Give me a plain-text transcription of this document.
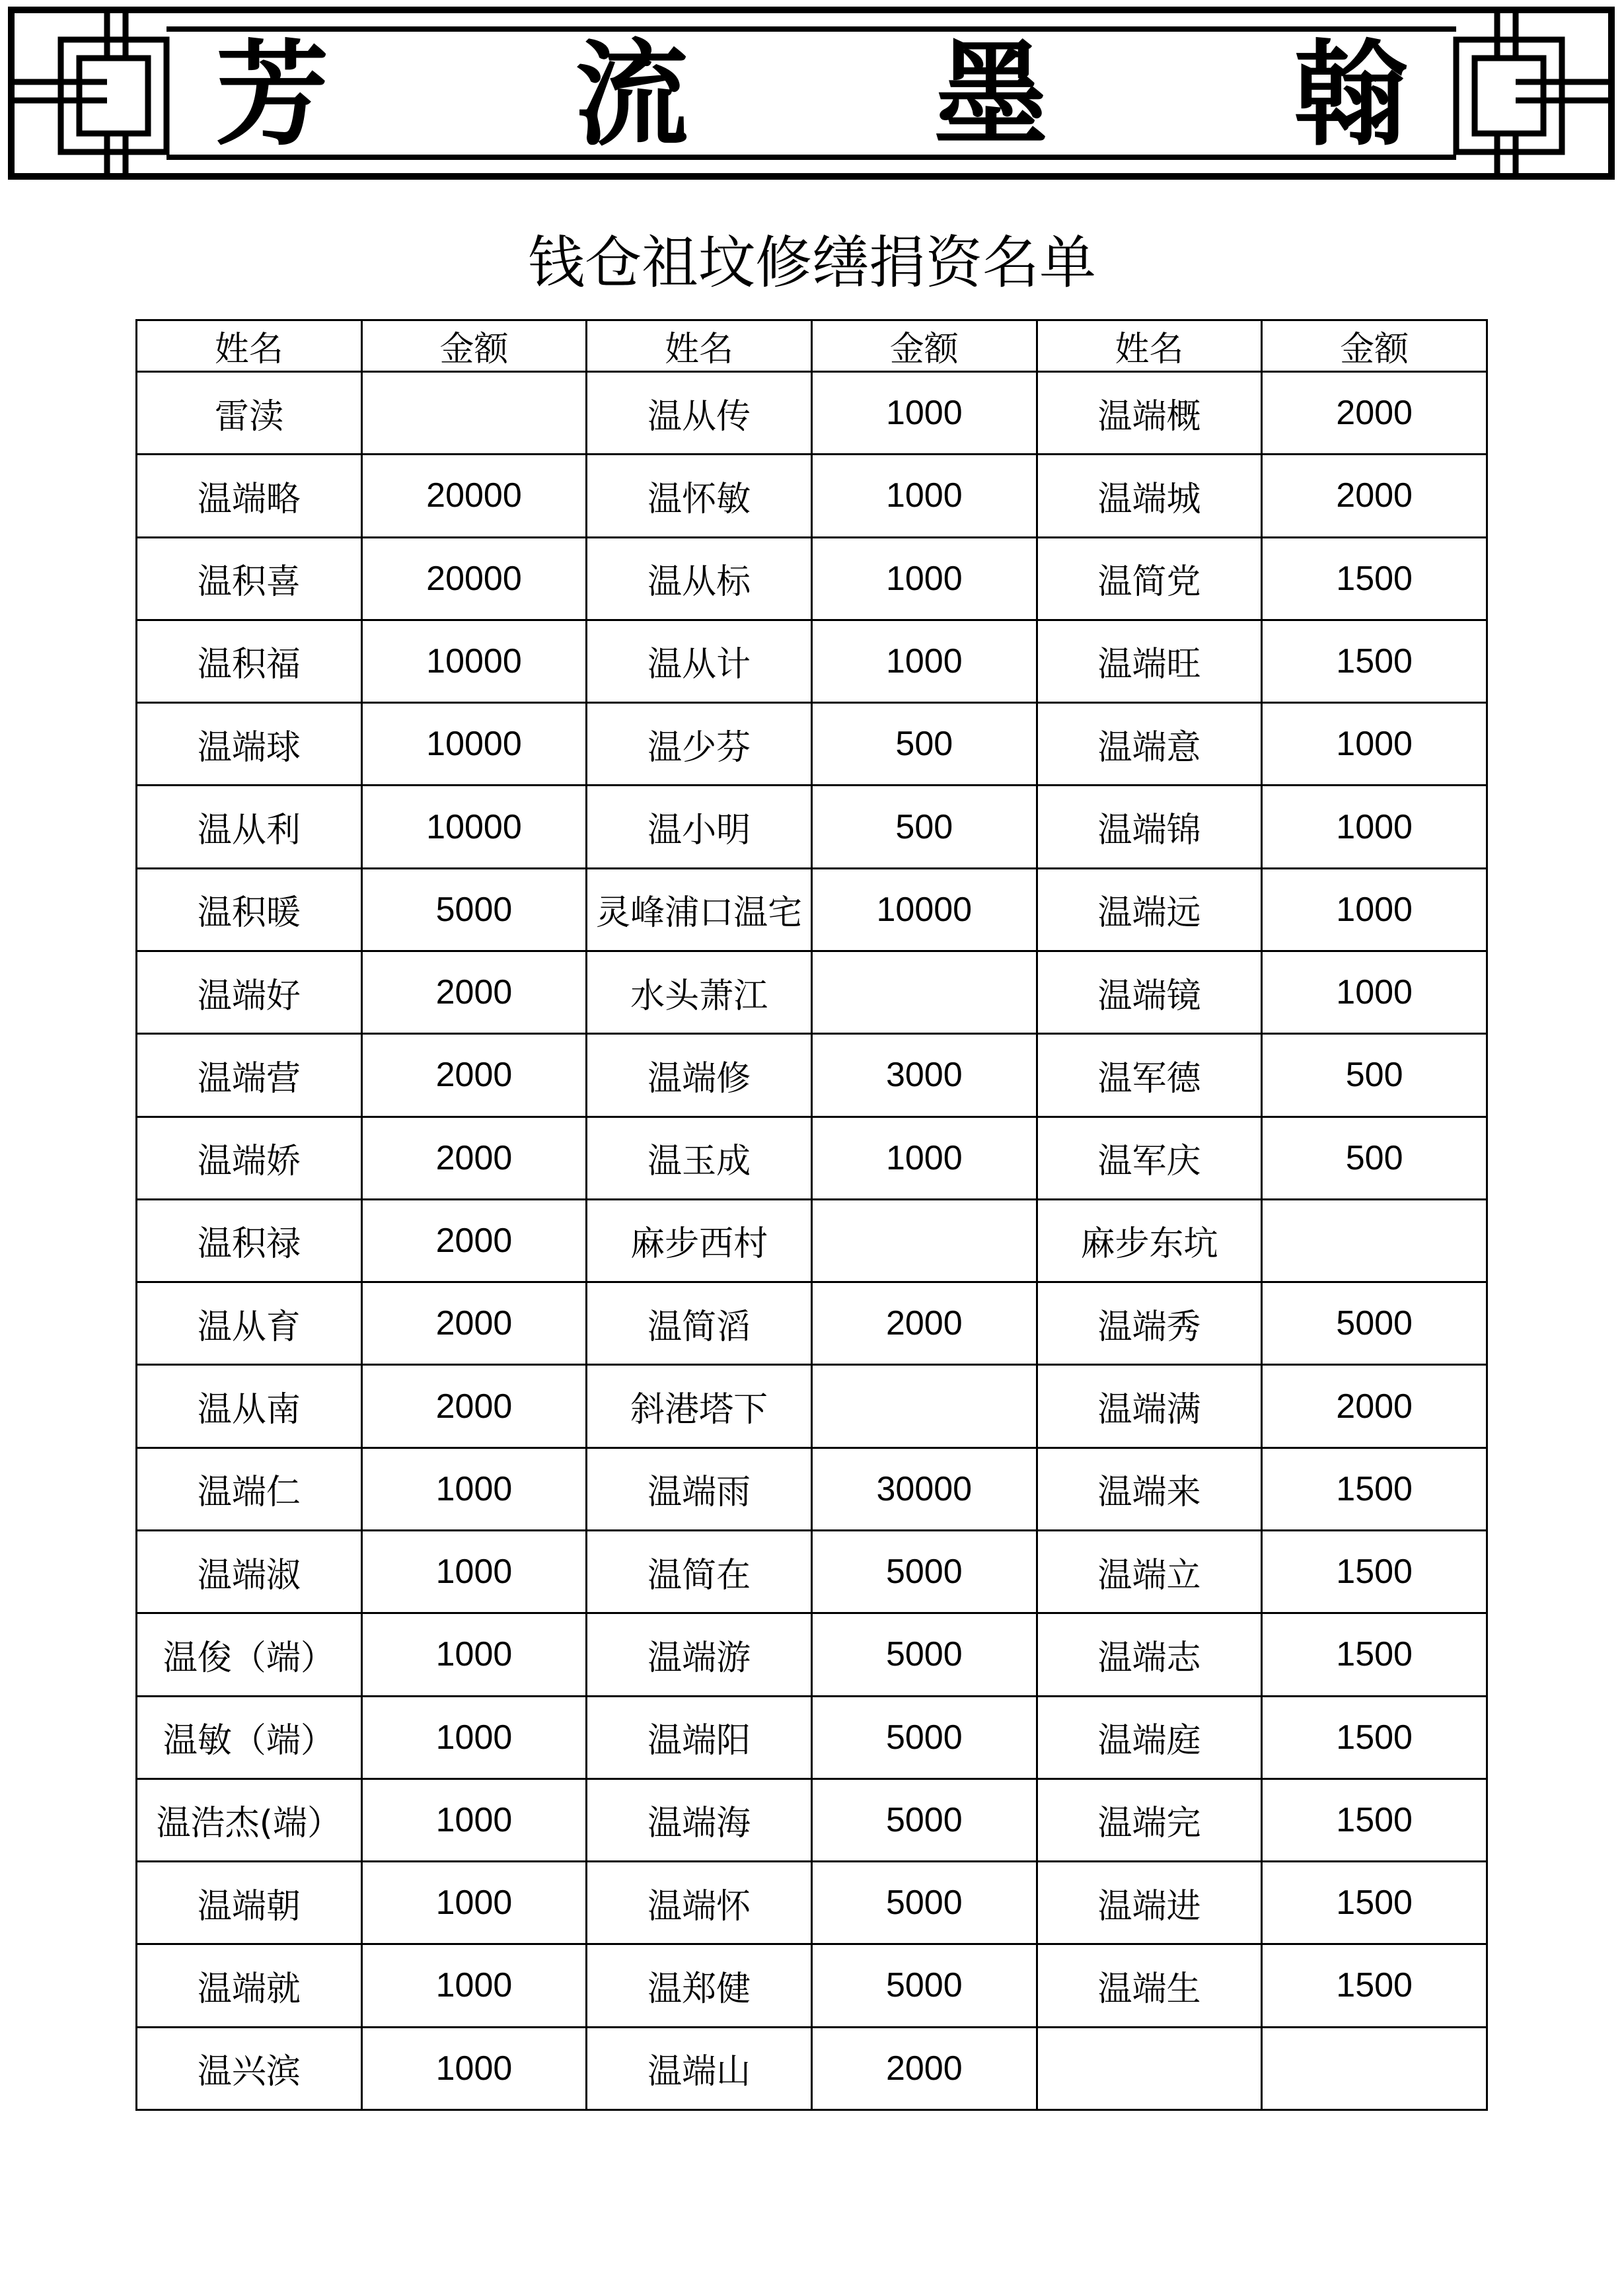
芳 流 墨 翰
钱仓祖坟修缮捐资名单
姓名	金额	姓名	金额	姓名	金额
雷渎		温从传	1000	温端概	2000
温端略	20000	温怀敏	1000	温端城	2000
温积喜	20000	温从标	1000	温简党	1500
温积福	10000	温从计	1000	温端旺	1500
温端球	10000	温少芬	500	温端意	1000
温从利	10000	温小明	500	温端锦	1000
温积暖	5000	灵峰浦口温宅	10000	温端远	1000
温端好	2000	水头萧江		温端镜	1000
温端营	2000	温端修	3000	温军德	500
温端娇	2000	温玉成	1000	温军庆	500
温积禄	2000	麻步西村		麻步东坑	
温从育	2000	温简滔	2000	温端秀	5000
温从南	2000	斜港塔下		温端满	2000
温端仁	1000	温端雨	30000	温端来	1500
温端淑	1000	温简在	5000	温端立	1500
温俊（端）	1000	温端游	5000	温端志	1500
温敏（端）	1000	温端阳	5000	温端庭	1500
温浩杰(端）	1000	温端海	5000	温端完	1500
温端朝	1000	温端怀	5000	温端进	1500
温端就	1000	温郑健	5000	温端生	1500
温兴滨	1000	温端山	2000		
